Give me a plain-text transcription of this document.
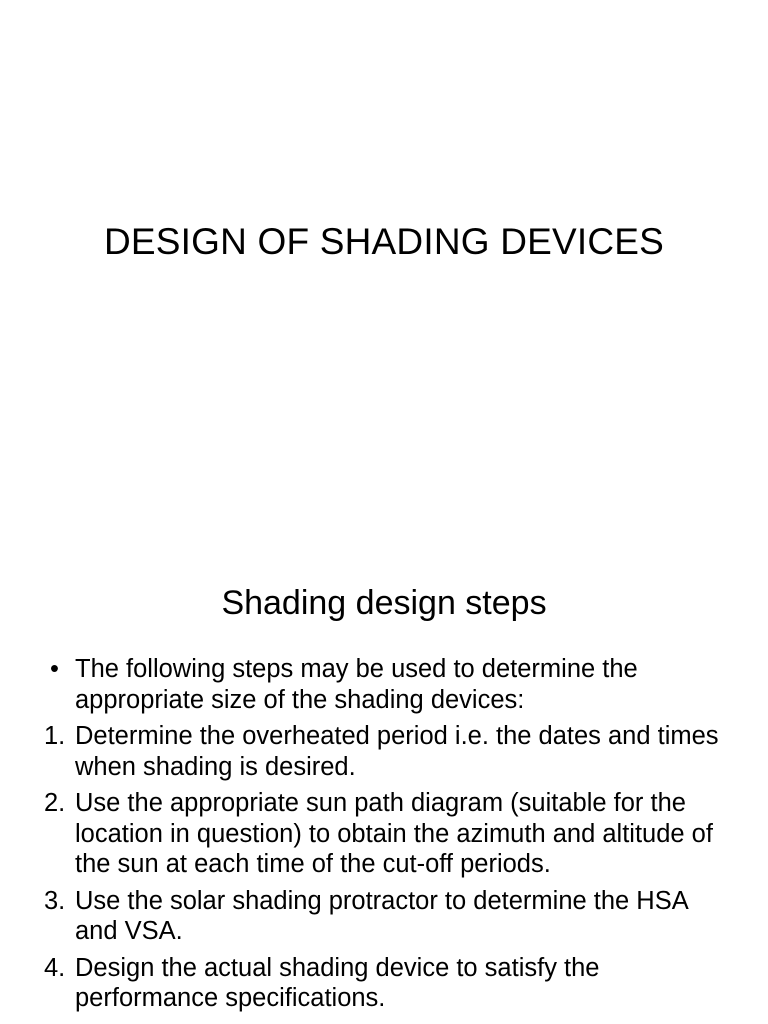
DESIGN OF SHADING DEVICES
Shading design steps
• The following steps may be used to determine the appropriate size of the shading devices:
1. Determine the overheated period i.e. the dates and times when shading is desired.
2. Use the appropriate sun path diagram (suitable for the location in question) to obtain the azimuth and altitude of the sun at each time of the cut-off periods.
3. Use the solar shading protractor to determine the HSA and VSA.
4. Design the actual shading device to satisfy the performance specifications.
